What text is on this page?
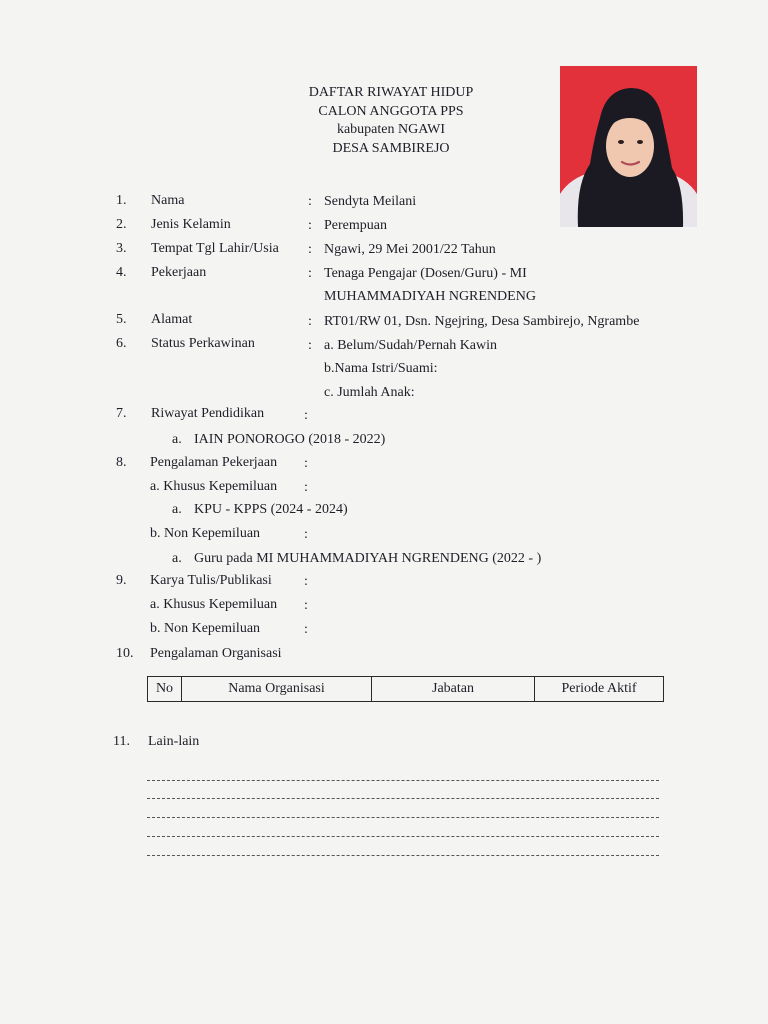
DAFTAR RIWAYAT HIDUP
CALON ANGGOTA PPS
kabupaten NGAWI
DESA SAMBIREJO
1. Nama	: Sendyta Meilani
2. Jenis Kelamin	: Perempuan
3. Tempat Tgl Lahir/Usia : Ngawi, 29 Mei 2001/22 Tahun
4. Pekerjaan	: Tenaga Pengajar (Dosen/Guru) - MI
MUHAMMADIYAH NGRENDENG
5. Alamat	: RT01/RW 01, Dsn. Ngejring, Desa Sambirejo, Ngrambe
6. Status Perkawinan	: a. Belum/Sudah/Pernah Kawin
b.Nama Istri/Suami:
c. Jumlah Anak:
7. Riwayat Pendidikan	:
a. IAIN PONOROGO (2018 - 2022)
8. Pengalaman Pekerjaan :
a. Khusus Kepemiluan :
a. KPU - KPPS (2024 - 2024)
b. Non Kepemiluan	:
a. Guru pada MI MUHAMMADIYAH NGRENDENG (2022 - )
9. Karya Tulis/Publikasi :
a. Khusus Kepemiluan :
b. Non Kepemiluan	:
10. Pengalaman Organisasi
No	Nama Organisasi	Jabatan	Periode Aktif
11. Lain-lain
